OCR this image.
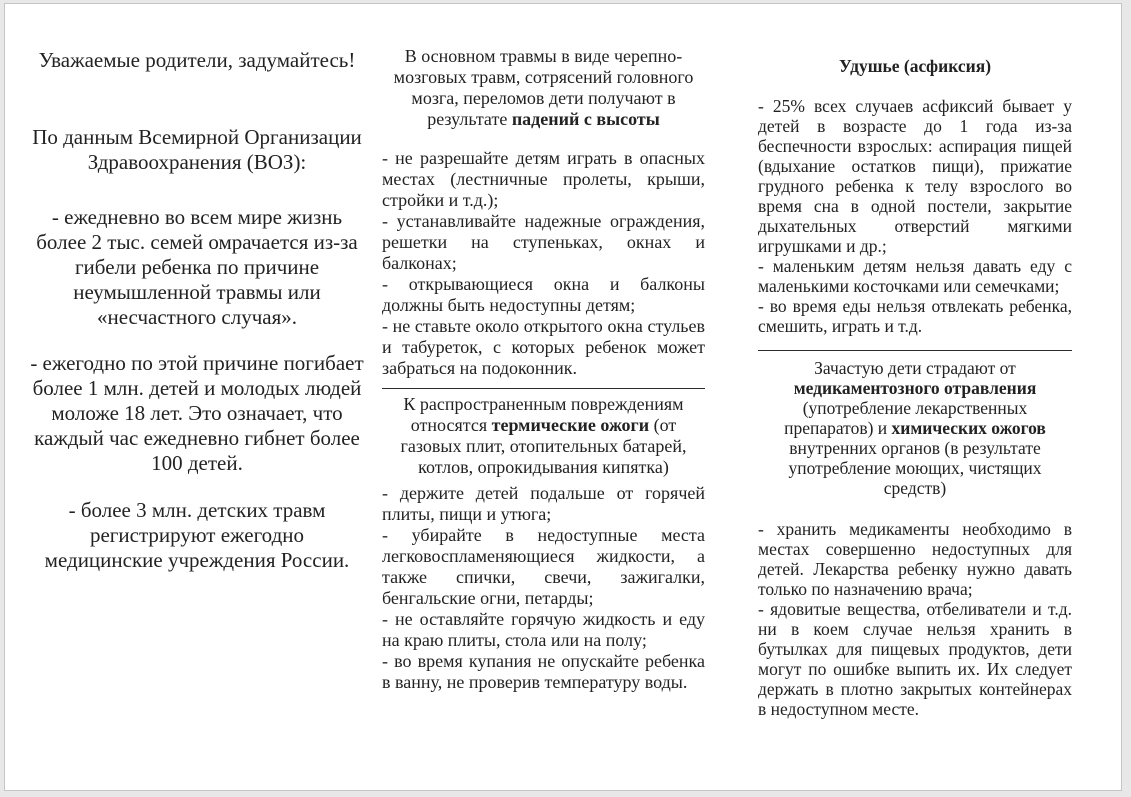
Уважаемые родители, задумайтесь!

По данным Всемирной Организации Здравоохранения (ВОЗ):

- ежедневно во всем мире жизнь более 2 тыс. семей омрачается из-за гибели ребенка по причине неумышленной травмы или «несчастного случая».

- ежегодно по этой причине погибает более 1 млн. детей и молодых людей моложе 18 лет. Это означает, что каждый час ежедневно гибнет более 100 детей.

- более 3 млн. детских травм регистрируют ежегодно медицинские учреждения России.

В основном травмы в виде черепно-мозговых травм, сотрясений головного мозга, переломов дети получают в результате падений с высоты

- не разрешайте детям играть в опасных местах (лестничные пролеты, крыши, стройки и т.д.);

- устанавливайте надежные ограждения, решетки на ступеньках, окнах и балконах;

- открывающиеся окна и балконы должны быть недоступны детям;

- не ставьте около открытого окна стульев и табуреток, с которых ребенок может забраться на подоконник.

К распространенным повреждениям относятся термические ожоги (от газовых плит, отопительных батарей, котлов, опрокидывания кипятка)

- держите детей подальше от горячей плиты, пищи и утюга;

- убирайте в недоступные места легковоспламеняющиеся жидкости, а также спички, свечи, зажигалки, бенгальские огни, петарды;

- не оставляйте горячую жидкость и еду на краю плиты, стола или на полу;

- во время купания не опускайте ребенка в ванну, не проверив температуру воды.

Удушье (асфиксия)

- 25% всех случаев асфиксий бывает у детей в возрасте до 1 года из-за беспечности взрослых: аспирация пищей (вдыхание остатков пищи), прижатие грудного ребенка к телу взрослого во время сна в одной постели, закрытие дыхательных отверстий мягкими игрушками и др.;

- маленьким детям нельзя давать еду с маленькими косточками или семечками;

- во время еды нельзя отвлекать ребенка, смешить, играть и т.д.

Зачастую дети страдают от медикаментозного отравления (употребление лекарственных препаратов) и химических ожогов внутренних органов (в результате употребление моющих, чистящих средств)

- хранить медикаменты необходимо в местах совершенно недоступных для детей. Лекарства ребенку нужно давать только по назначению врача;

- ядовитые вещества, отбеливатели и т.д. ни в коем случае нельзя хранить в бутылках для пищевых продуктов, дети могут по ошибке выпить их. Их следует держать в плотно закрытых контейнерах в недоступном месте.
